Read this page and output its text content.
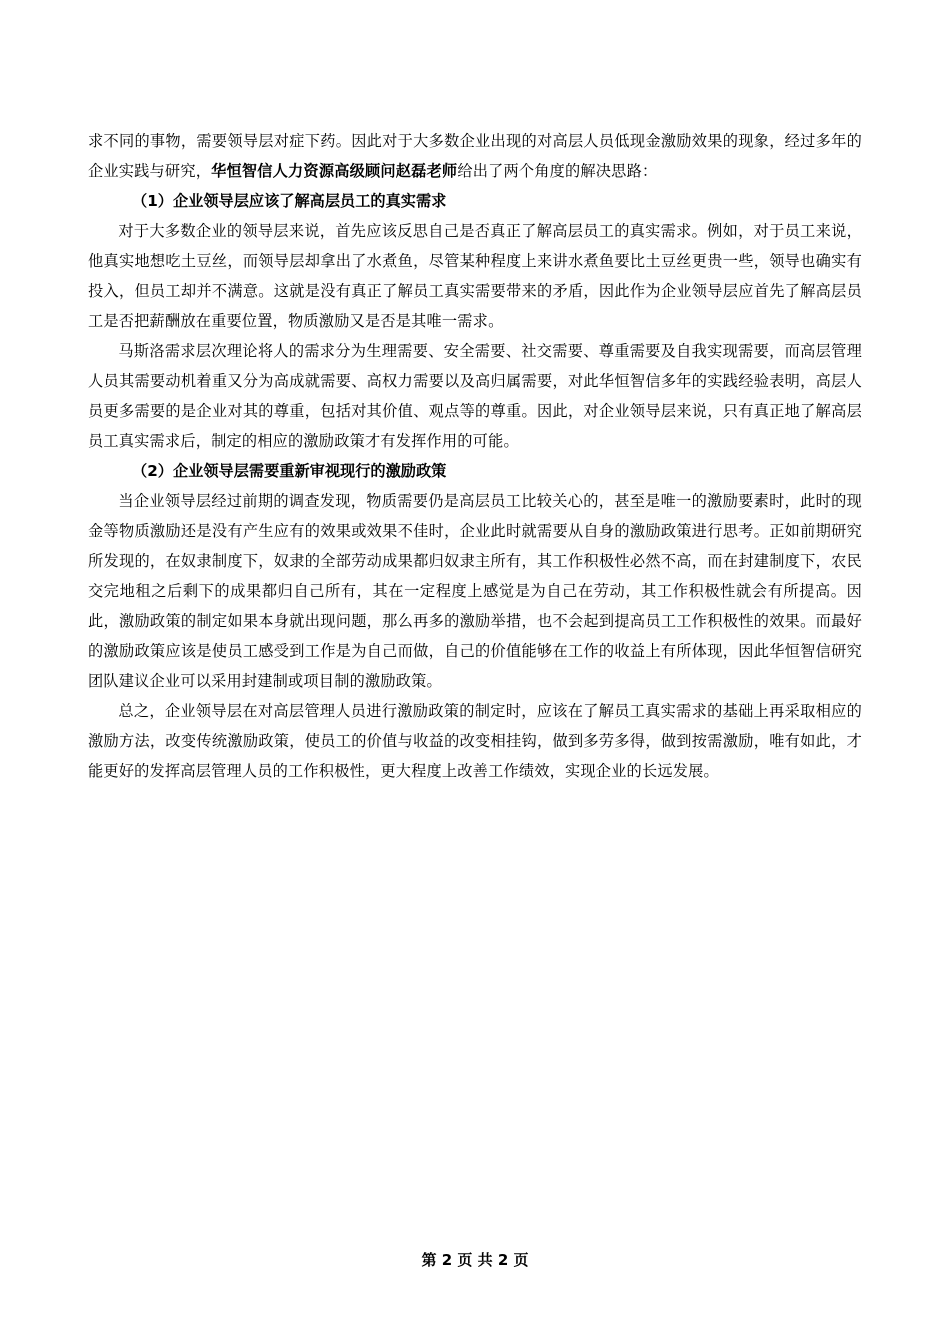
求不同的事物，需要领导层对症下药。因此对于大多数企业出现的对高层人员低现金激励效果的现象，经过多年的企业实践与研究，华恒智信人力资源高级顾问赵磊老师给出了两个角度的解决思路：

（1）企业领导层应该了解高层员工的真实需求

对于大多数企业的领导层来说，首先应该反思自己是否真正了解高层员工的真实需求。例如，对于员工来说，他真实地想吃土豆丝，而领导层却拿出了水煮鱼，尽管某种程度上来讲水煮鱼要比土豆丝更贵一些，领导也确实有投入，但员工却并不满意。这就是没有真正了解员工真实需要带来的矛盾，因此作为企业领导层应首先了解高层员工是否把薪酬放在重要位置，物质激励又是否是其唯一需求。

马斯洛需求层次理论将人的需求分为生理需要、安全需要、社交需要、尊重需要及自我实现需要，而高层管理人员其需要动机着重又分为高成就需要、高权力需要以及高归属需要，对此华恒智信多年的实践经验表明，高层人员更多需要的是企业对其的尊重，包括对其价值、观点等的尊重。因此，对企业领导层来说，只有真正地了解高层员工真实需求后，制定的相应的激励政策才有发挥作用的可能。

（2）企业领导层需要重新审视现行的激励政策

当企业领导层经过前期的调查发现，物质需要仍是高层员工比较关心的，甚至是唯一的激励要素时，此时的现金等物质激励还是没有产生应有的效果或效果不佳时，企业此时就需要从自身的激励政策进行思考。正如前期研究所发现的，在奴隶制度下，奴隶的全部劳动成果都归奴隶主所有，其工作积极性必然不高，而在封建制度下，农民交完地租之后剩下的成果都归自己所有，其在一定程度上感觉是为自己在劳动，其工作积极性就会有所提高。因此，激励政策的制定如果本身就出现问题，那么再多的激励举措，也不会起到提高员工工作积极性的效果。而最好的激励政策应该是使员工感受到工作是为自己而做，自己的价值能够在工作的收益上有所体现，因此华恒智信研究团队建议企业可以采用封建制或项目制的激励政策。

总之，企业领导层在对高层管理人员进行激励政策的制定时，应该在了解员工真实需求的基础上再采取相应的激励方法，改变传统激励政策，使员工的价值与收益的改变相挂钩，做到多劳多得，做到按需激励，唯有如此，才能更好的发挥高层管理人员的工作积极性，更大程度上改善工作绩效，实现企业的长远发展。

第 2 页 共 2 页
